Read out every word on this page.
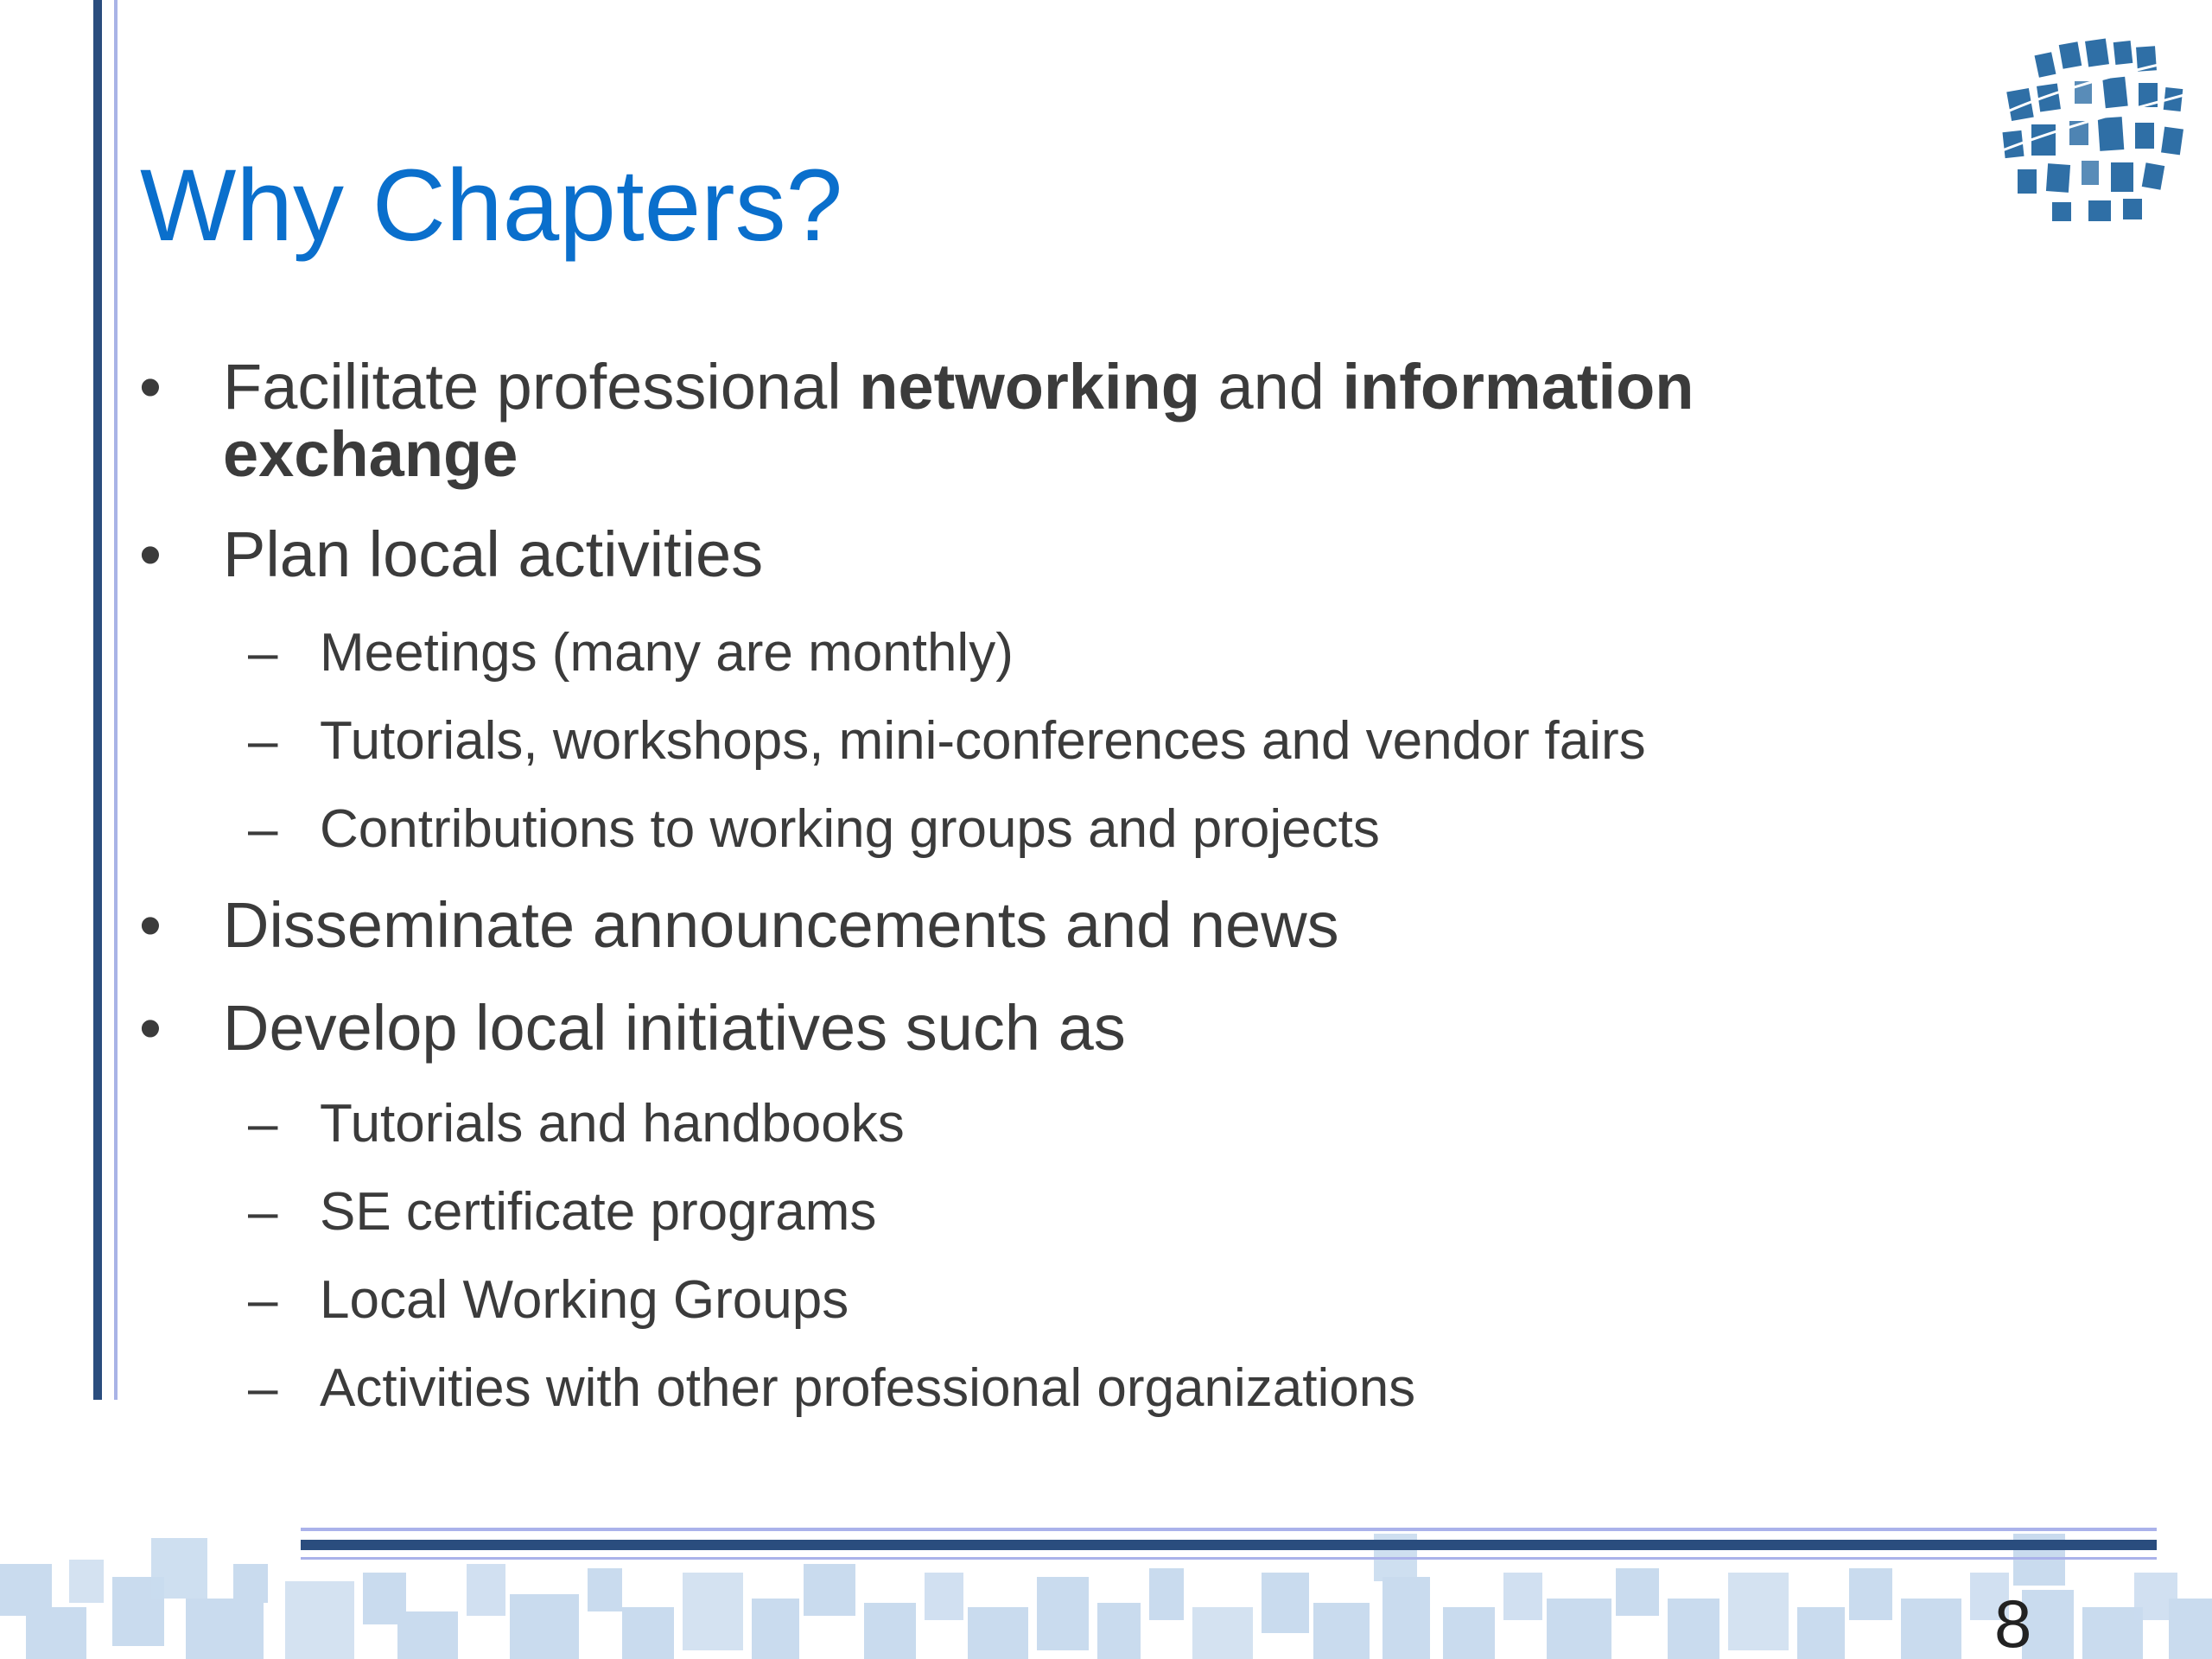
Why Chapters?
• Facilitate professional networking and information
exchange
• Plan local activities
– Meetings (many are monthly)
– Tutorials, workshops, mini-conferences and vendor fairs
– Contributions to working groups and projects
• Disseminate announcements and news
• Develop local initiatives such as
– Tutorials and handbooks
– SE certificate programs
– Local Working Groups
– Activities with other professional organizations
8
